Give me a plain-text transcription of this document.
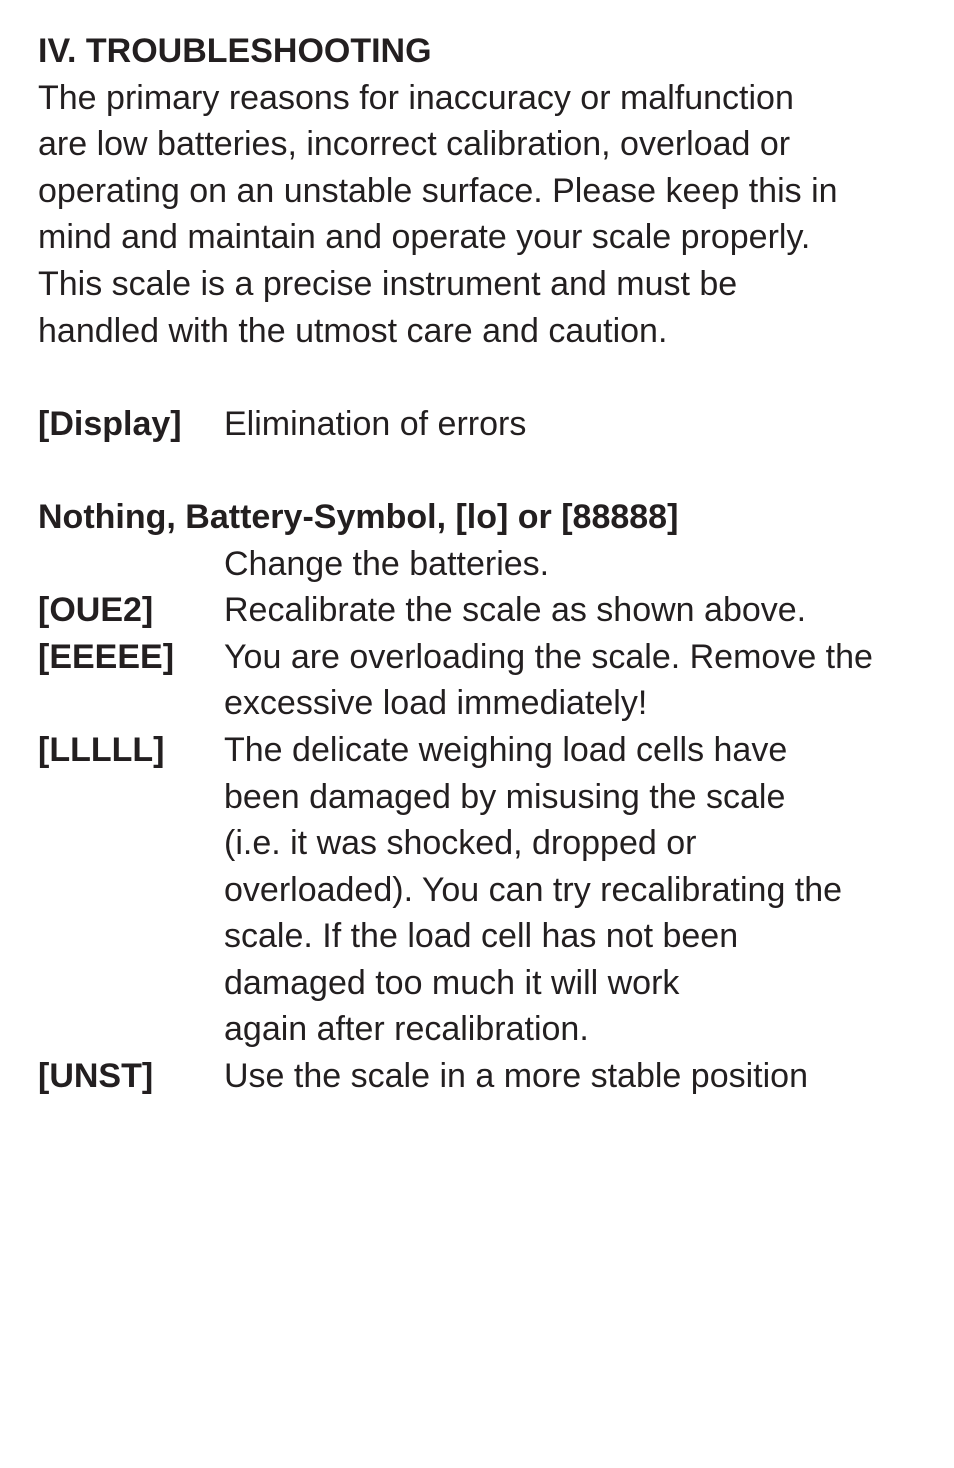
IV. TROUBLESHOOTING

The primary reasons for inaccuracy or malfunction
are low batteries, incorrect calibration, overload or
operating on an unstable surface. Please keep this in
mind and maintain and operate your scale properly.
This scale is a precise instrument and must be
handled with the utmost care and caution.

[Display]	Elimination of errors
Nothing, Battery-Symbol, [lo] or [88888]
Change the batteries.
[OUE2]	Recalibrate the scale as shown above.
[EEEEE]	You are overloading the scale. Remove the
excessive load immediately!
[LLLLL]	The delicate weighing load cells have
been damaged by misusing the scale
(i.e. it was shocked, dropped or
overloaded). You can try recalibrating the
scale. If the load cell has not been
damaged too much it will work
again after recalibration.
[UNST]	Use the scale in a more stable position
